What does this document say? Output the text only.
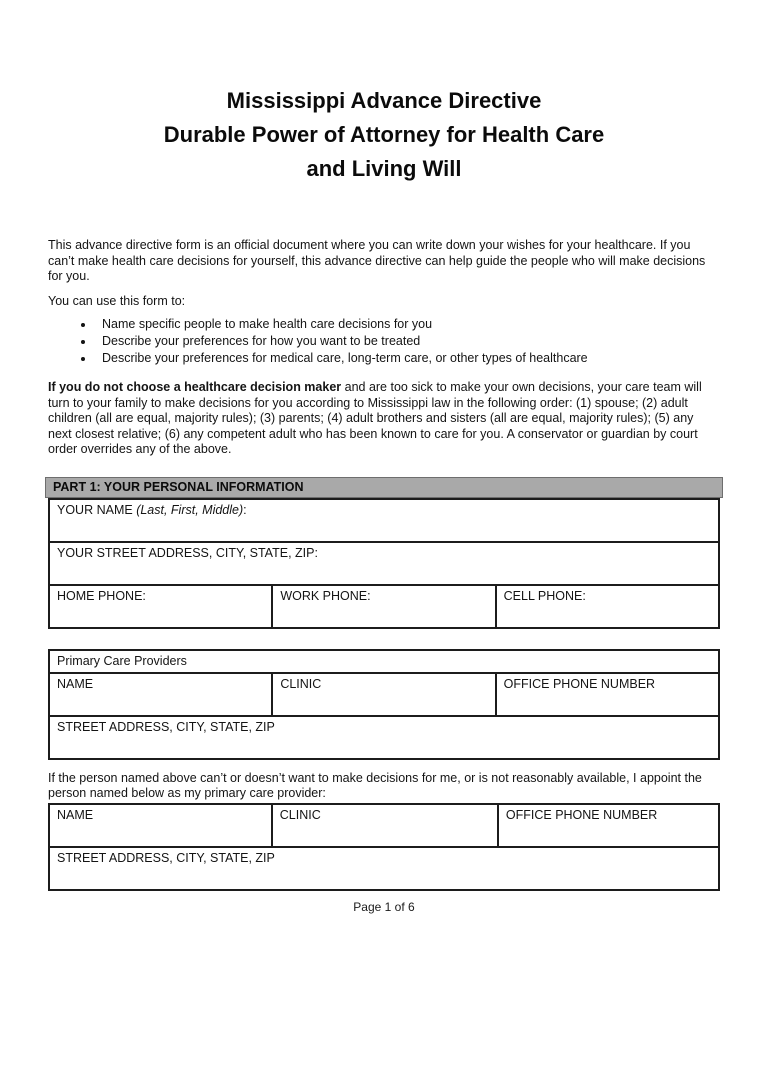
Mississippi Advance Directive
Durable Power of Attorney for Health Care
and Living Will

This advance directive form is an official document where you can write down your wishes for your healthcare. If you can’t make health care decisions for yourself, this advance directive can help guide the people who will make decisions for you.

You can use this form to:

• Name specific people to make health care decisions for you
• Describe your preferences for how you want to be treated
• Describe your preferences for medical care, long-term care, or other types of healthcare

If you do not choose a healthcare decision maker and are too sick to make your own decisions, your care team will turn to your family to make decisions for you according to Mississippi law in the following order: (1) spouse; (2) adult children (all are equal, majority rules); (3) parents; (4) adult brothers and sisters (all are equal, majority rules); (5) any next closest relative; (6) any competent adult who has been known to care for you. A conservator or guardian by court order overrides any of the above.

PART 1: YOUR PERSONAL INFORMATION
YOUR NAME (Last, First, Middle):
YOUR STREET ADDRESS, CITY, STATE, ZIP:
HOME PHONE:	WORK PHONE:	CELL PHONE:
Primary Care Providers
NAME	CLINIC	OFFICE PHONE NUMBER
STREET ADDRESS, CITY, STATE, ZIP

If the person named above can’t or doesn’t want to make decisions for me, or is not reasonably available, I appoint the person named below as my primary care provider:

NAME	CLINIC	OFFICE PHONE NUMBER
STREET ADDRESS, CITY, STATE, ZIP
Page 1 of 6
